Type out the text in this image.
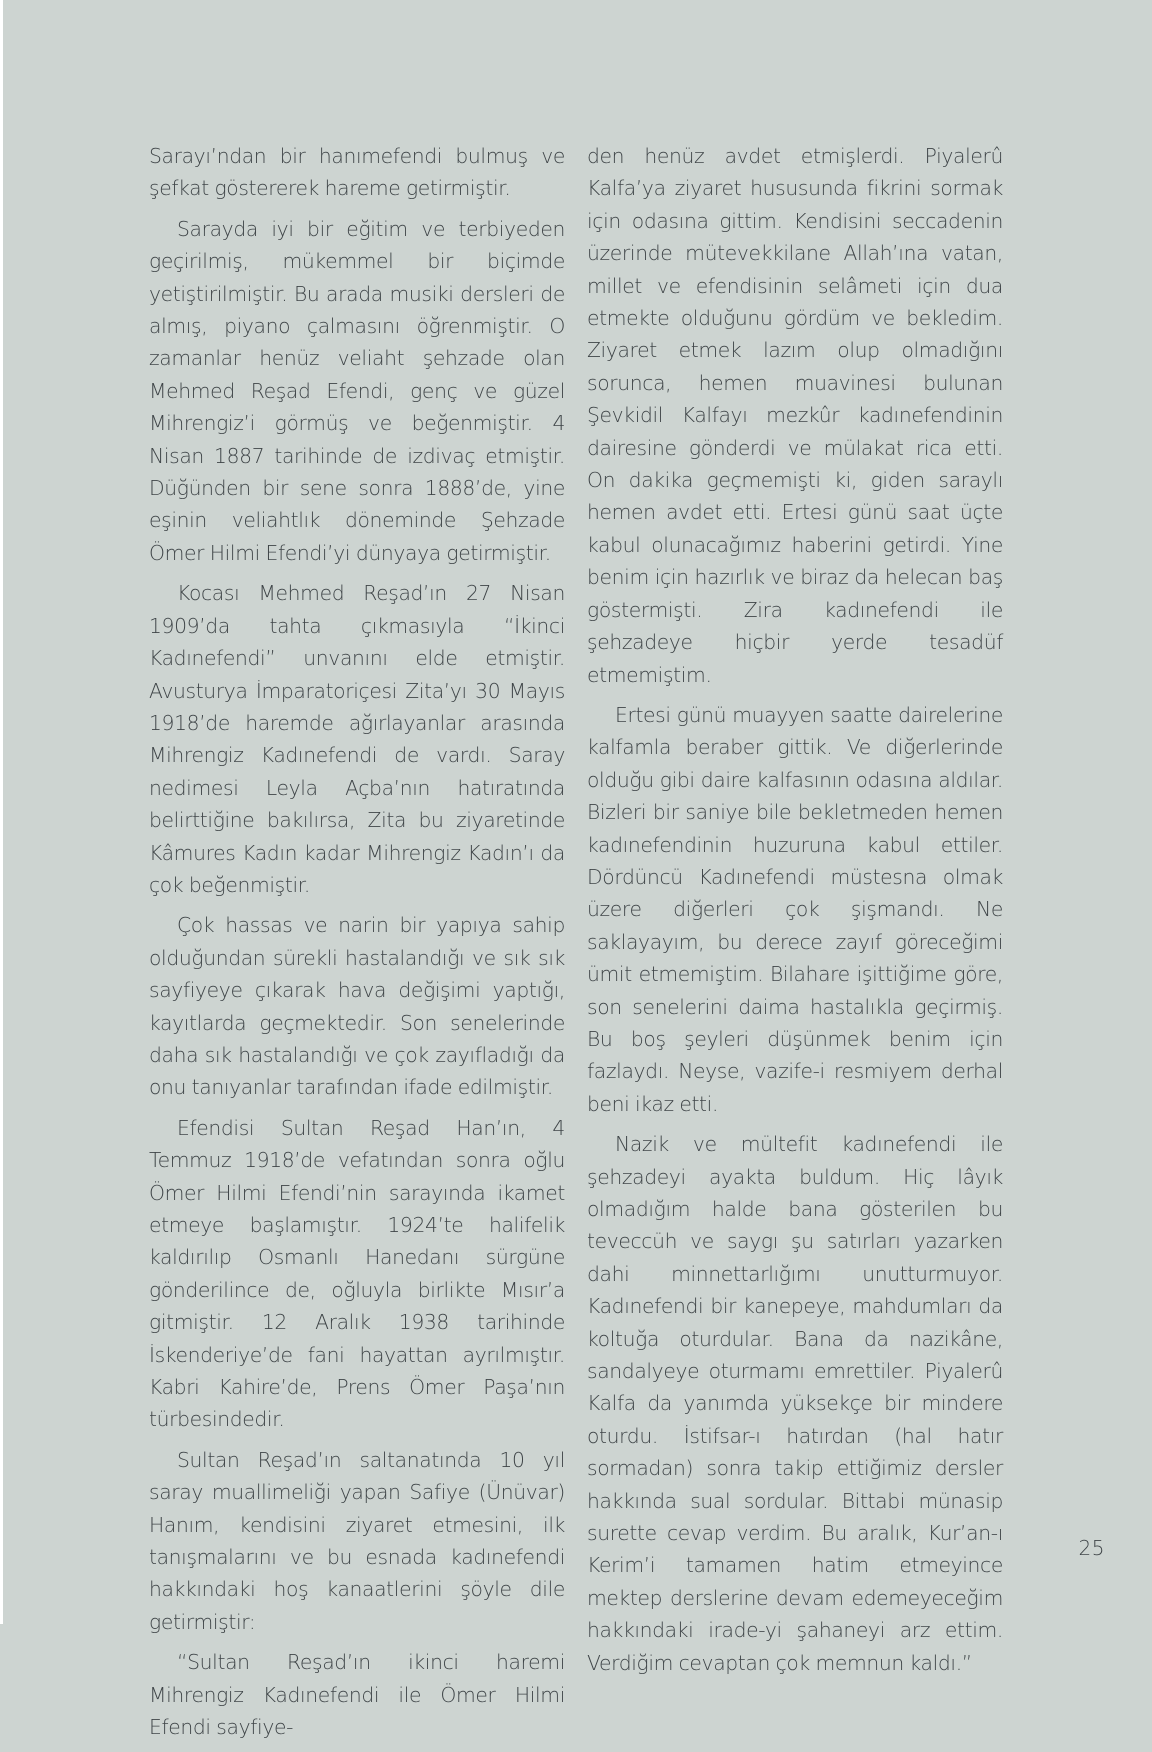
Sarayı’ndan bir hanımefendi bulmuş ve şefkat göstererek hareme getirmiştir.

Sarayda iyi bir eğitim ve terbiyeden geçirilmiş, mükemmel bir biçimde yetiştirilmiştir. Bu arada musiki dersleri de almış, piyano çalmasını öğrenmiştir. O zamanlar henüz veliaht şehzade olan Mehmed Reşad Efendi, genç ve güzel Mihrengiz’i görmüş ve beğenmiştir. 4 Nisan 1887 tarihinde de izdivaç etmiştir. Düğünden bir sene sonra 1888’de, yine eşinin veliahtlık döneminde Şehzade Ömer Hilmi Efendi’yi dünyaya getirmiştir.

Kocası Mehmed Reşad’ın 27 Nisan 1909’da tahta çıkmasıyla “İkinci Kadınefendi” unvanını elde etmiştir. Avusturya İmparatoriçesi Zita’yı 30 Mayıs 1918’de haremde ağırlayanlar arasında Mihrengiz Kadınefendi de vardı. Saray nedimesi Leyla Açba’nın hatıratında belirttiğine bakılırsa, Zita bu ziyaretinde Kâmures Kadın kadar Mihrengiz Kadın’ı da çok beğenmiştir.

Çok hassas ve narin bir yapıya sahip olduğundan sürekli hastalandığı ve sık sık sayfiyeye çıkarak hava değişimi yaptığı, kayıtlarda geçmektedir. Son senelerinde daha sık hastalandığı ve çok zayıfladığı da onu tanıyanlar tarafından ifade edilmiştir.

Efendisi Sultan Reşad Han’ın, 4 Temmuz 1918’de vefatından sonra oğlu Ömer Hilmi Efendi’nin sarayında ikamet etmeye başlamıştır. 1924’te halifelik kaldırılıp Osmanlı Hanedanı sürgüne gönderilince de, oğluyla birlikte Mısır’a gitmiştir. 12 Aralık 1938 tarihinde İskenderiye’de fani hayattan ayrılmıştır. Kabri Kahire’de, Prens Ömer Paşa’nın türbesindedir.

Sultan Reşad’ın saltanatında 10 yıl saray muallimeliği yapan Safiye (Ünüvar) Hanım, kendisini ziyaret etmesini, ilk tanışmalarını ve bu esnada kadınefendi hakkındaki hoş kanaatlerini şöyle dile getirmiştir:

“Sultan Reşad’ın ikinci haremi Mihrengiz Kadınefendi ile Ömer Hilmi Efendi sayfiye-

den henüz avdet etmişlerdi. Piyalerû Kalfa’ya ziyaret hususunda fikrini sormak için odasına gittim. Kendisini seccadenin üzerinde mütevekkilane Allah’ına vatan, millet ve efendisinin selâmeti için dua etmekte olduğunu gördüm ve bekledim. Ziyaret etmek lazım olup olmadığını sorunca, hemen muavinesi bulunan Şevkidil Kalfayı mezkûr kadınefendinin dairesine gönderdi ve mülakat rica etti. On dakika geçmemişti ki, giden saraylı hemen avdet etti. Ertesi günü saat üçte kabul olunacağımız haberini getirdi. Yine benim için hazırlık ve biraz da helecan baş göstermişti. Zira kadınefendi ile şehzadeye hiçbir yerde tesadüf etmemiştim.

Ertesi günü muayyen saatte dairelerine kalfamla beraber gittik. Ve diğerlerinde olduğu gibi daire kalfasının odasına aldılar. Bizleri bir saniye bile bekletmeden hemen kadınefendinin huzuruna kabul ettiler. Dördüncü Kadınefendi müstesna olmak üzere diğerleri çok şişmandı. Ne saklayayım, bu derece zayıf göreceğimi ümit etmemiştim. Bilahare işittiğime göre, son senelerini daima hastalıkla geçirmiş. Bu boş şeyleri düşünmek benim için fazlaydı. Neyse, vazife-i resmiyem derhal beni ikaz etti.

Nazik ve mültefit kadınefendi ile şehzadeyi ayakta buldum. Hiç lâyık olmadığım halde bana gösterilen bu teveccüh ve saygı şu satırları yazarken dahi minnettarlığımı unutturmuyor. Kadınefendi bir kanepeye, mahdumları da koltuğa oturdular. Bana da nazikâne, sandalyeye oturmamı emrettiler. Piyalerû Kalfa da yanımda yüksekçe bir mindere oturdu. İstifsar-ı hatırdan (hal hatır sormadan) sonra takip ettiğimiz dersler hakkında sual sordular. Bittabi münasip surette cevap verdim. Bu aralık, Kur’an-ı Kerim’i tamamen hatim etmeyince mektep derslerine devam edemeyeceğim hakkındaki irade-yi şahaneyi arz ettim. Verdiğim cevaptan çok memnun kaldı.”

25
